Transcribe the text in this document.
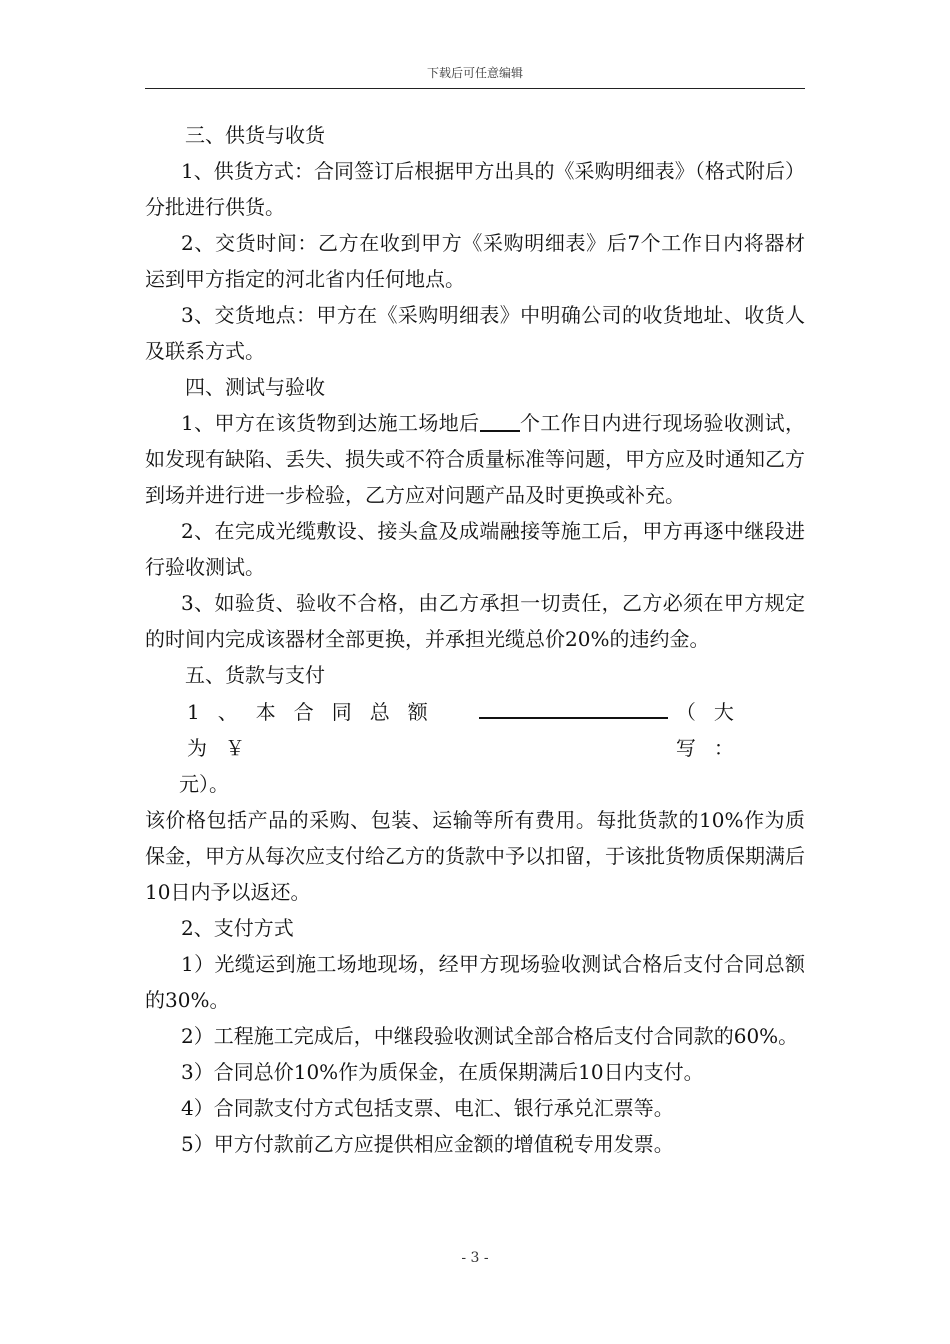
下载后可任意编辑

三、供货与收货

1、供货方式：合同签订后根据甲方出具的《采购明细表》（格式附后）分批进行供货。

2、交货时间：乙方在收到甲方《采购明细表》后7个工作日内将器材运到甲方指定的河北省内任何地点。

3、交货地点：甲方在《采购明细表》中明确公司的收货地址、收货人及联系方式。

四、测试与验收

1、甲方在该货物到达施工场地后 个工作日内进行现场验收测试，如发现有缺陷、丢失、损失或不符合质量标准等问题，甲方应及时通知乙方到场并进行进一步检验，乙方应对问题产品及时更换或补充。

2、在完成光缆敷设、接头盒及成端融接等施工后，甲方再逐中继段进行验收测试。

3、如验货、验收不合格，由乙方承担一切责任，乙方必须在甲方规定的时间内完成该器材全部更换，并承担光缆总价20%的违约金。

五、货款与支付

1、本合同总额为￥
（大写：

元）。

该价格包括产品的采购、包装、运输等所有费用。每批货款的10%作为质保金，甲方从每次应支付给乙方的货款中予以扣留，于该批货物质保期满后10日内予以返还。

2、支付方式

1）光缆运到施工场地现场，经甲方现场验收测试合格后支付合同总额的30%。

2）工程施工完成后，中继段验收测试全部合格后支付合同款的60%。

3）合同总价10%作为质保金，在质保期满后10日内支付。

4）合同款支付方式包括支票、电汇、银行承兑汇票等。

5）甲方付款前乙方应提供相应金额的增值税专用发票。

- 3 -
